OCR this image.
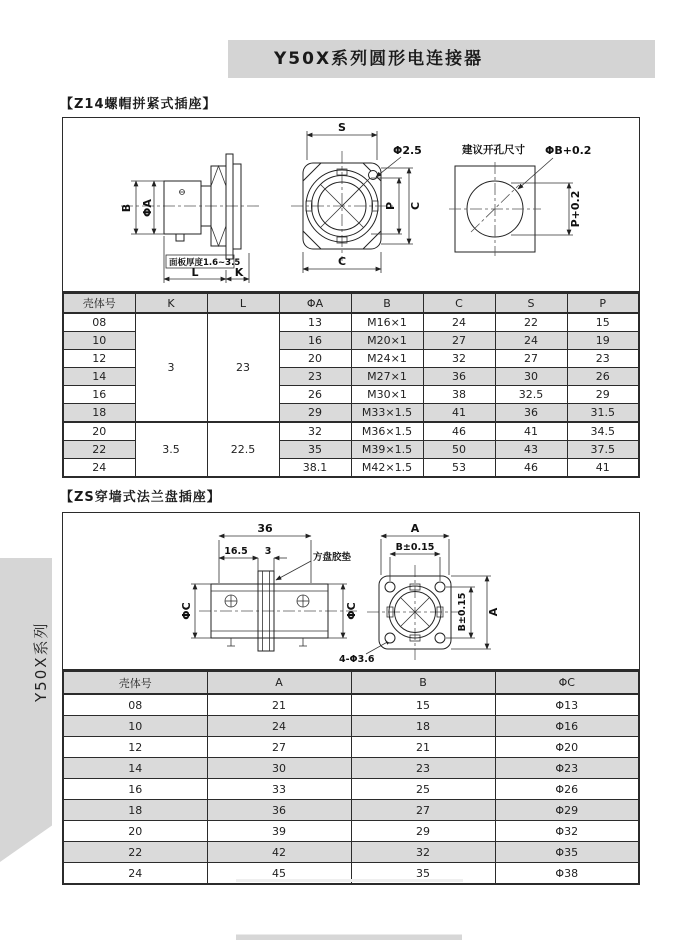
Y50X系列圆形电连接器
【Z14螺帽拼紧式插座】
B ΦA
面板厚度1.6~3.5
L	K
S
Φ2.5
C
P C
建议开孔尺寸 ΦB+0.2
P+0.2
壳体号	K	L	ΦA	B	C	S	P
08	3	23	13	M16×1	24	22	15
10			16	M20×1	27	24	19
12			20	M24×1	32	27	23
14			23	M27×1	36	30	26
16			26	M30×1	38	32.5	29
18			29	M33×1.5	41	36	31.5
20	3.5	22.5	32	M36×1.5	46	41	34.5
22			35	M39×1.5	50	43	37.5
24			38.1	M42×1.5	53	46	41
【ZS穿墙式法兰盘插座】
36
16.5 3
方盘胶垫
ΦC	ΦC
4-Φ3.6
A
B±0.15
B±0.15 A
壳体号	A	B	ΦC
08	21	15	Φ13
10	24	18	Φ16
12	27	21	Φ20
14	30	23	Φ23
16	33	25	Φ26
18	36	27	Φ29
20	39	29	Φ32
22	42	32	Φ35
24	45	35	Φ38
Y50X系列
